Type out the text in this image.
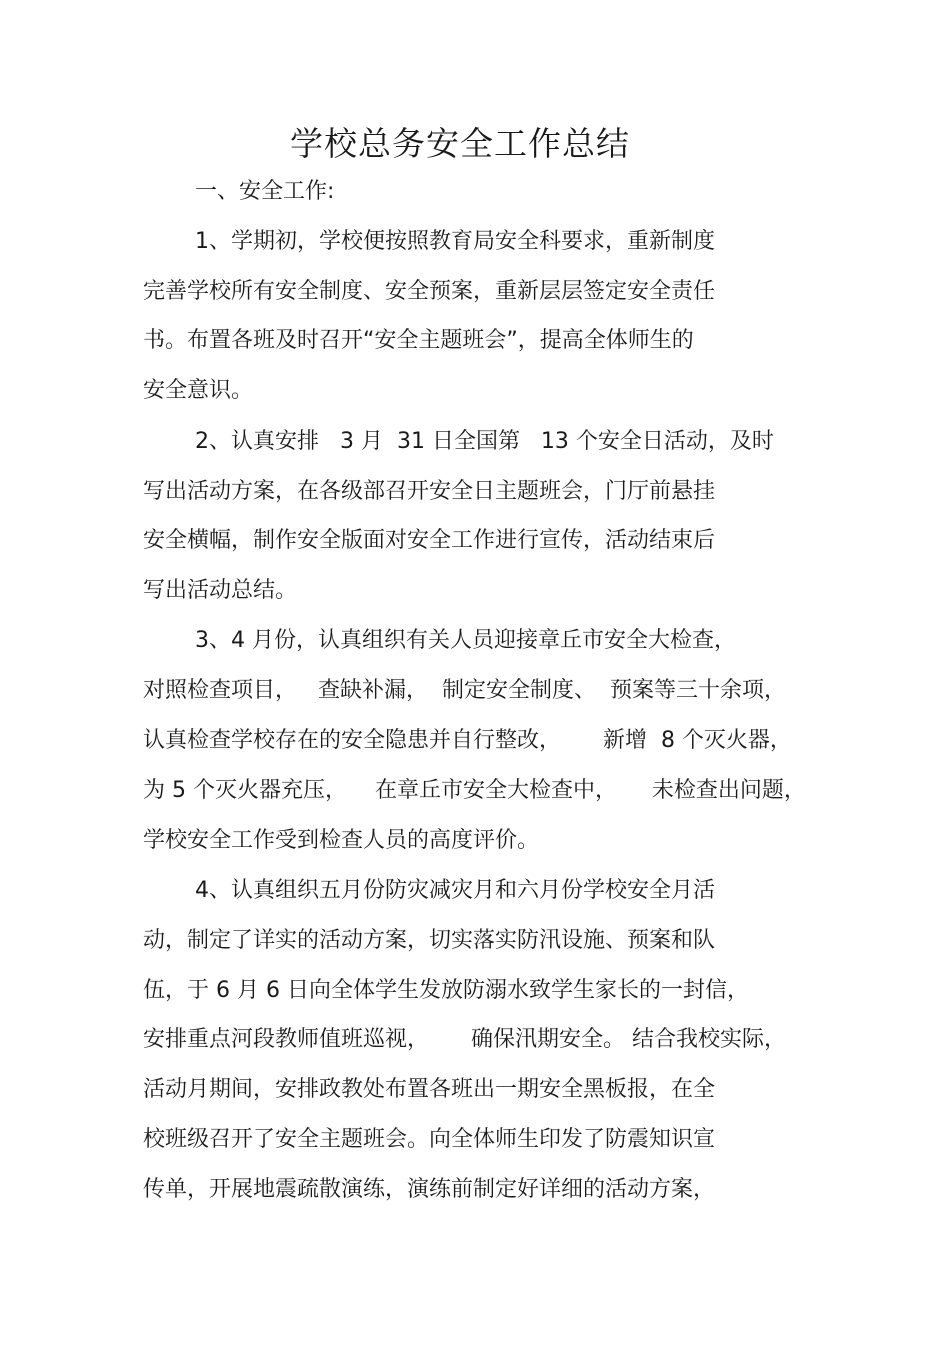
学校总务安全工作总结
一、安全工作:
1、学期初，学校便按照教育局安全科要求，重新制度
完善学校所有安全制度、安全预案，重新层层签定安全责任
书。布置各班及时召开“安全主题班会”，提高全体师生的
安全意识。
2、认真安排   3 月  31 日全国第   13 个安全日活动，及时
写出活动方案，在各级部召开安全日主题班会，门厅前悬挂
安全横幅，制作安全版面对安全工作进行宣传，活动结束后
写出活动总结。
3、4 月份，认真组织有关人员迎接章丘市安全大检查，
对照检查项目，   查缺补漏，  制定安全制度、  预案等三十余项，
认真检查学校存在的安全隐患并自行整改，      新增  8 个灭火器，
为 5 个灭火器充压，    在章丘市安全大检查中，     未检查出问题，
学校安全工作受到检查人员的高度评价。
4、认真组织五月份防灾减灾月和六月份学校安全月活
动，制定了详实的活动方案，切实落实防汛设施、预案和队
伍，于 6 月 6 日向全体学生发放防溺水致学生家长的一封信，
安排重点河段教师值班巡视，      确保汛期安全。 结合我校实际，
活动月期间，安排政教处布置各班出一期安全黑板报，在全
校班级召开了安全主题班会。向全体师生印发了防震知识宣
传单，开展地震疏散演练，演练前制定好详细的活动方案，
